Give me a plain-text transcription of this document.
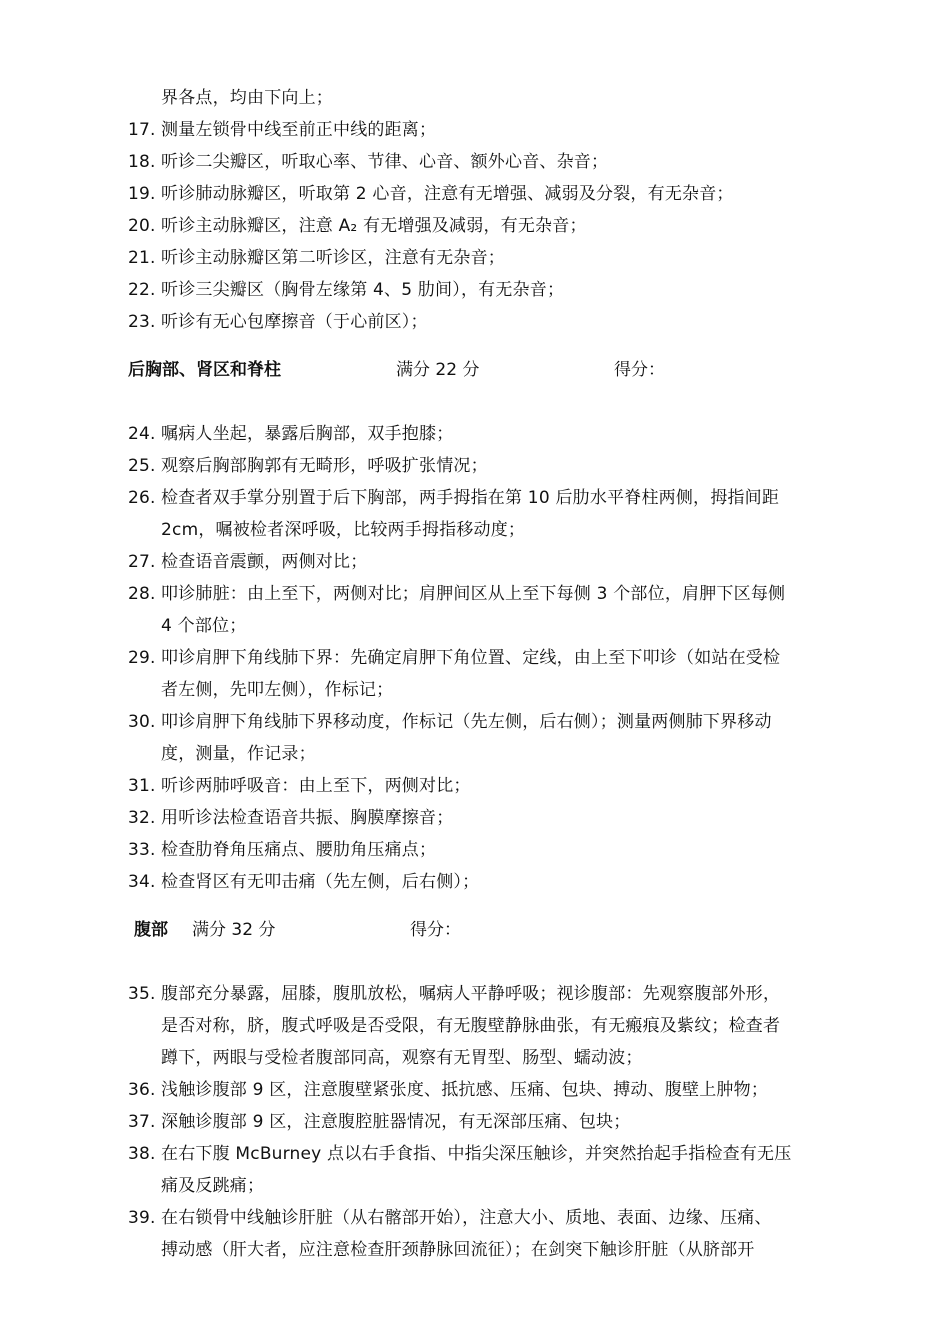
界各点，均由下向上；
17. 测量左锁骨中线至前正中线的距离；
18. 听诊二尖瓣区，听取心率、节律、心音、额外心音、杂音；
19. 听诊肺动脉瓣区，听取第 2 心音，注意有无增强、减弱及分裂，有无杂音；
20. 听诊主动脉瓣区，注意 A₂ 有无增强及减弱，有无杂音；
21. 听诊主动脉瓣区第二听诊区，注意有无杂音；
22. 听诊三尖瓣区（胸骨左缘第 4、5 肋间），有无杂音；
23. 听诊有无心包摩擦音（于心前区）；
后胸部、肾区和脊柱	满分 22 分	得分：
24. 嘱病人坐起，暴露后胸部，双手抱膝；
25. 观察后胸部胸郭有无畸形，呼吸扩张情况；
26. 检查者双手掌分别置于后下胸部，两手拇指在第 10 后肋水平脊柱两侧，拇指间距
2cm，嘱被检者深呼吸，比较两手拇指移动度；
27. 检查语音震颤，两侧对比；
28. 叩诊肺脏：由上至下，两侧对比；肩胛间区从上至下每侧 3 个部位，肩胛下区每侧
4 个部位；
29. 叩诊肩胛下角线肺下界：先确定肩胛下角位置、定线，由上至下叩诊（如站在受检
者左侧，先叩左侧），作标记；
30. 叩诊肩胛下角线肺下界移动度，作标记（先左侧，后右侧）；测量两侧肺下界移动
度，测量，作记录；
31. 听诊两肺呼吸音：由上至下，两侧对比；
32. 用听诊法检查语音共振、胸膜摩擦音；
33. 检查肋脊角压痛点、腰肋角压痛点；
34. 检查肾区有无叩击痛（先左侧，后右侧）；
腹部 满分 32 分	得分：
35. 腹部充分暴露，屈膝，腹肌放松，嘱病人平静呼吸；视诊腹部：先观察腹部外形，
是否对称，脐，腹式呼吸是否受限，有无腹壁静脉曲张，有无瘢痕及紫纹；检查者
蹲下，两眼与受检者腹部同高，观察有无胃型、肠型、蠕动波；
36. 浅触诊腹部 9 区，注意腹壁紧张度、抵抗感、压痛、包块、搏动、腹壁上肿物；
37. 深触诊腹部 9 区，注意腹腔脏器情况，有无深部压痛、包块；
38. 在右下腹 McBurney 点以右手食指、中指尖深压触诊，并突然抬起手指检查有无压
痛及反跳痛；
39. 在右锁骨中线触诊肝脏（从右髂部开始），注意大小、质地、表面、边缘、压痛、
搏动感（肝大者，应注意检查肝颈静脉回流征）；在剑突下触诊肝脏（从脐部开
